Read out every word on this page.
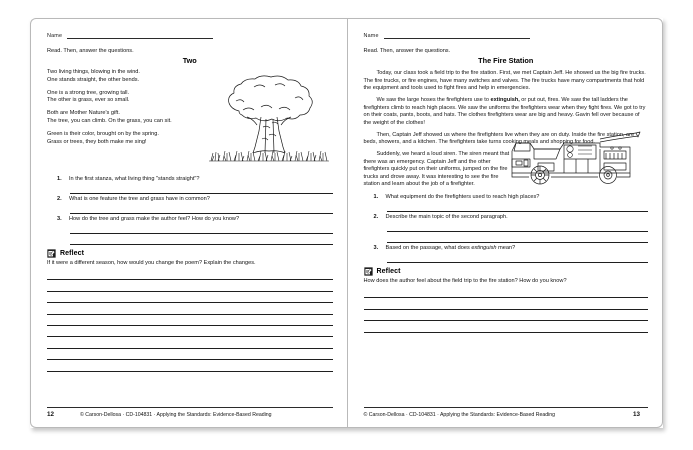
Name
Read. Then, answer the questions.
Two
Two living things, blowing in the wind.
One stands straight, the other bends.
One is a strong tree, growing tall.
The other is grass, ever so small.
Both are Mother Nature's gift.
The tree, you can climb. On the grass, you can sit.
Green is their color, brought on by the spring.
Grass or trees, they both make me sing!
1.	In the first stanza, what living thing "stands straight"?
2.	What is one feature the tree and grass have in common?
3.	How do the tree and grass make the author feel? How do you know?
Reflect
If it were a different season, how would you change the poem? Explain the changes.
12	© Carson-Dellosa · CD-104831 · Applying the Standards: Evidence-Based Reading
Name
Read. Then, answer the questions.
The Fire Station

Today, our class took a field trip to the fire station. First, we met Captain Jeff. He showed us the big fire trucks. The fire trucks, or fire engines, have many switches and valves. The fire trucks have many compartments that hold the equipment and tools used to fight fires and help in emergencies.

We saw the large hoses the firefighters use to extinguish, or put out, fires. We saw the tall ladders the firefighters climb to reach high places. We saw the uniforms the firefighters wear when they fight fires. We got to try on their coats, pants, boots, and hats. The clothes firefighters wear are big and heavy. Gavin fell over because of the weight of the clothes!

Then, Captain Jeff showed us where the firefighters live when they are on duty. Inside the fire station, are beds, showers, and a kitchen. The firefighters take turns cooking meals and shopping for food.

Suddenly, we heard a loud siren. The siren meant that there was an emergency. Captain Jeff and the other firefighters quickly put on their uniforms, jumped on the fire trucks and drove away. It was interesting to see the fire station and learn about the job of a firefighter.

1.	What equipment do the firefighters used to reach high places?
2.	Describe the main topic of the second paragraph.
3.	Based on the passage, what does extinguish mean?
Reflect
How does the author feel about the field trip to the fire station? How do you know?
© Carson-Dellosa · CD-104831 · Applying the Standards: Evidence-Based Reading	13
